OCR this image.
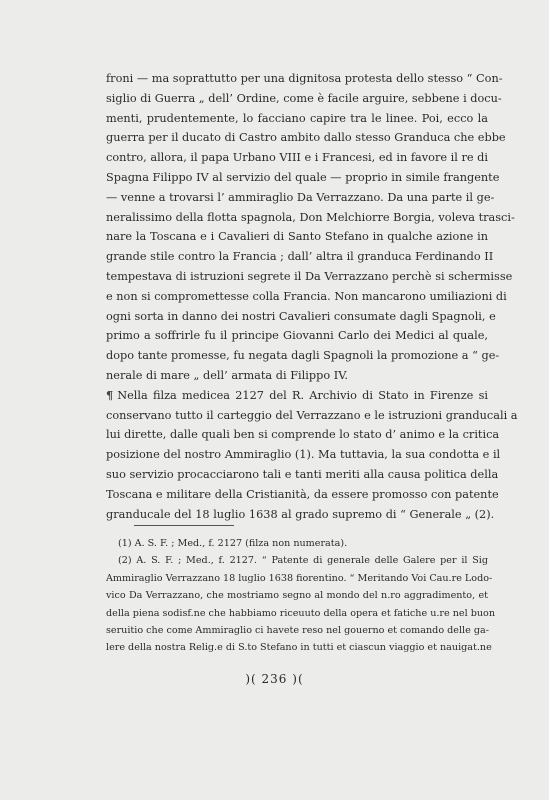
froni — ma soprattutto per una dignitosa protesta dello stesso “ Con-
siglio di Guerra „ dell’ Ordine, come è facile arguire, sebbene i docu-
menti, prudentemente, lo facciano capire tra le linee. Poi, ecco la
guerra per il ducato di Castro ambito dallo stesso Granduca che ebbe
contro, allora, il papa Urbano VIII e i Francesi, ed in favore il re di
Spagna Filippo IV al servizio del quale — proprio in simile frangente
— venne a trovarsi l’ ammiraglio Da Verrazzano. Da una parte il ge-
neralissimo della flotta spagnola, Don Melchiorre Borgia, voleva trasci-
nare la Toscana e i Cavalieri di Santo Stefano in qualche azione in
grande stile contro la Francia ; dall’ altra il granduca Ferdinando II
tempestava di istruzioni segrete il Da Verrazzano perchè si schermisse
e non si compromettesse colla Francia. Non mancarono umiliazioni di
ogni sorta in danno dei nostri Cavalieri consumate dagli Spagnoli, e
primo a soffrirle fu il principe Giovanni Carlo dei Medici al quale,
dopo tante promesse, fu negata dagli Spagnoli la promozione a “ ge-
nerale di mare „ dell’ armata di Filippo IV.
¶ Nella filza medicea 2127 del R. Archivio di Stato in Firenze si
conservano tutto il carteggio del Verrazzano e le istruzioni granducali a
lui dirette, dalle quali ben si comprende lo stato d’ animo e la critica
posizione del nostro Ammiraglio (1). Ma tuttavia, la sua condotta e il
suo servizio procacciarono tali e tanti meriti alla causa politica della
Toscana e militare della Cristianità, da essere promosso con patente
granducale del 18 luglio 1638 al grado supremo di “ Generale „ (2).
(1) A. S. F. ; Med., f. 2127 (filza non numerata).
(2) A. S. F. ; Med., f. 2127. “ Patente di generale delle Galere per il Sig
Ammiraglio Verrazzano 18 luglio 1638 fiorentino. “ Meritando Voi Cau.re Lodo-
vico Da Verrazzano, che mostriamo segno al mondo del n.ro aggradimento, et
della piena sodisf.ne che habbiamo riceuuto della opera et fatiche u.re nel buon
seruitio che come Ammiraglio ci havete reso nel gouerno et comando delle ga-
lere della nostra Relig.e di S.to Stefano in tutti et ciascun viaggio et nauigat.ne
)( 236 )(
